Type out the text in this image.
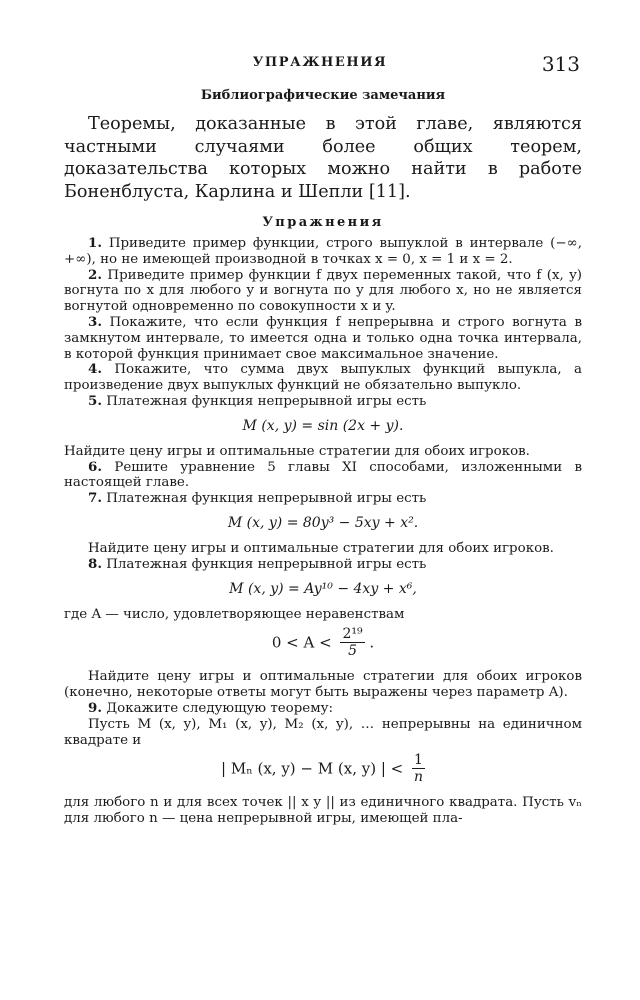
УПРАЖНЕНИЯ	313
Библиографические замечания

Теоремы, доказанные в этой главе, являются частными случаями более общих теорем, доказательства которых можно найти в работе Боненблуста, Карлина и Шепли [11].

Упражнения

1. Приведите пример функции, строго выпуклой в интервале (−∞, +∞), но не имеющей производной в точках x = 0, x = 1 и x = 2.

2. Приведите пример функции f двух переменных такой, что f (x, y) вогнута по x для любого y и вогнута по y для любого x, но не является вогнутой одновременно по совокупности x и y.

3. Покажите, что если функция f непрерывна и строго вогнута в замкнутом интервале, то имеется одна и только одна точка интервала, в которой функция принимает свое максимальное значение.

4. Покажите, что сумма двух выпуклых функций выпукла, а произведение двух выпуклых функций не обязательно выпукло.

5. Платежная функция непрерывной игры есть

M (x, y) = sin (2x + y).

Найдите цену игры и оптимальные стратегии для обоих игроков.

6. Решите уравнение 5 главы XI способами, изложенными в настоящей главе.

7. Платежная функция непрерывной игры есть

M (x, y) = 80y³ − 5xy + x².

Найдите цену игры и оптимальные стратегии для обоих игроков.

8. Платежная функция непрерывной игры есть

M (x, y) = Ay¹⁰ − 4xy + x⁶,

где A — число, удовлетворяющее неравенствам

$0 < A < \frac{\text{2¹⁹}}{5}$ .

Найдите цену игры и оптимальные стратегии для обоих игроков (конечно, некоторые ответы могут быть выражены через параметр A).

9. Докажите следующую теорему:

Пусть M (x, y), M₁ (x, y), M₂ (x, y), … непрерывны на единичном квадрате и

| Mₙ (x, y) − M (x, y) | < $\frac{1}{n}$

для любого n и для всех точек || x y || из единичного квадрата. Пусть vₙ для любого n — цена непрерывной игры, имеющей пла-
